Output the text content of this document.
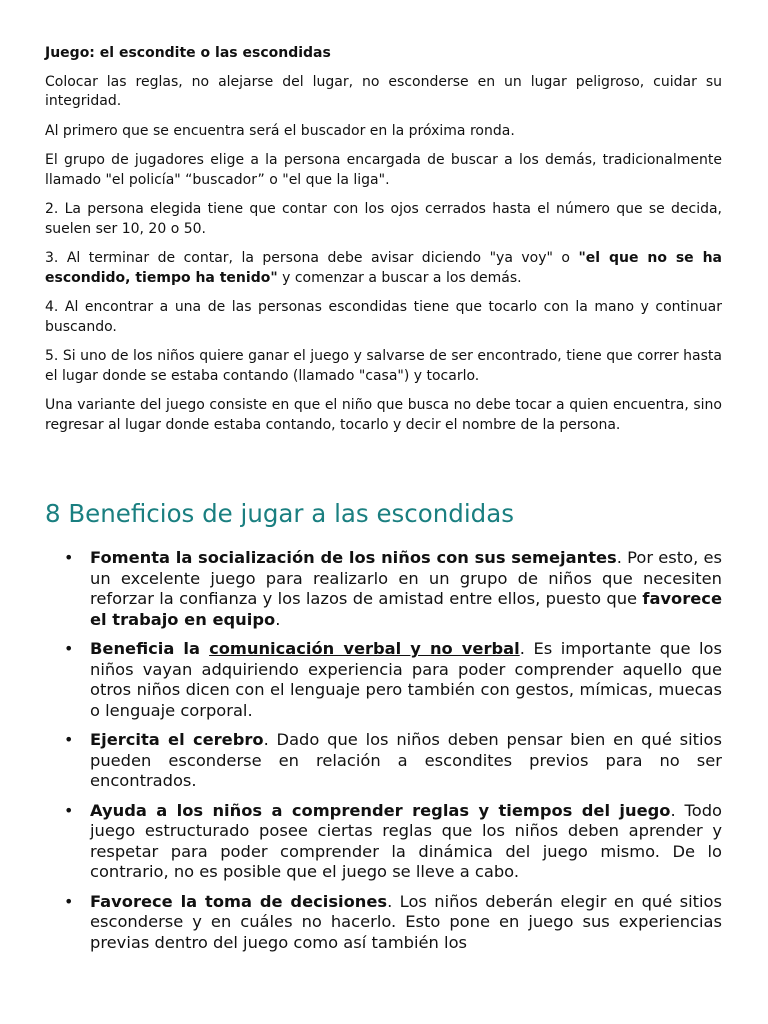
Juego: el escondite o las escondidas

Colocar las reglas, no alejarse del lugar, no esconderse en un lugar peligroso, cuidar su integridad.

Al primero que se encuentra será el buscador en la próxima ronda.

El grupo de jugadores elige a la persona encargada de buscar a los demás, tradicionalmente llamado "el policía" “buscador” o "el que la liga".

2. La persona elegida tiene que contar con los ojos cerrados hasta el número que se decida, suelen ser 10, 20 o 50.

3. Al terminar de contar, la persona debe avisar diciendo "ya voy" o "el que no se ha escondido, tiempo ha tenido" y comenzar a buscar a los demás.

4. Al encontrar a una de las personas escondidas tiene que tocarlo con la mano y continuar buscando.

5. Si uno de los niños quiere ganar el juego y salvarse de ser encontrado, tiene que correr hasta el lugar donde se estaba contando (llamado "casa") y tocarlo.

Una variante del juego consiste en que el niño que busca no debe tocar a quien encuentra, sino regresar al lugar donde estaba contando, tocarlo y decir el nombre de la persona.

8 Beneficios de jugar a las escondidas
• Fomenta la socialización de los niños con sus semejantes. Por esto, es un excelente juego para realizarlo en un grupo de niños que necesiten reforzar la confianza y los lazos de amistad entre ellos, puesto que favorece el trabajo en equipo.
• Beneficia la comunicación verbal y no verbal. Es importante que los niños vayan adquiriendo experiencia para poder comprender aquello que otros niños dicen con el lenguaje pero también con gestos, mímicas, muecas o lenguaje corporal.
• Ejercita el cerebro. Dado que los niños deben pensar bien en qué sitios pueden esconderse en relación a escondites previos para no ser encontrados.
• Ayuda a los niños a comprender reglas y tiempos del juego. Todo juego estructurado posee ciertas reglas que los niños deben aprender y respetar para poder comprender la dinámica del juego mismo. De lo contrario, no es posible que el juego se lleve a cabo.
• Favorece la toma de decisiones. Los niños deberán elegir en qué sitios esconderse y en cuáles no hacerlo. Esto pone en juego sus experiencias previas dentro del juego como así también los
